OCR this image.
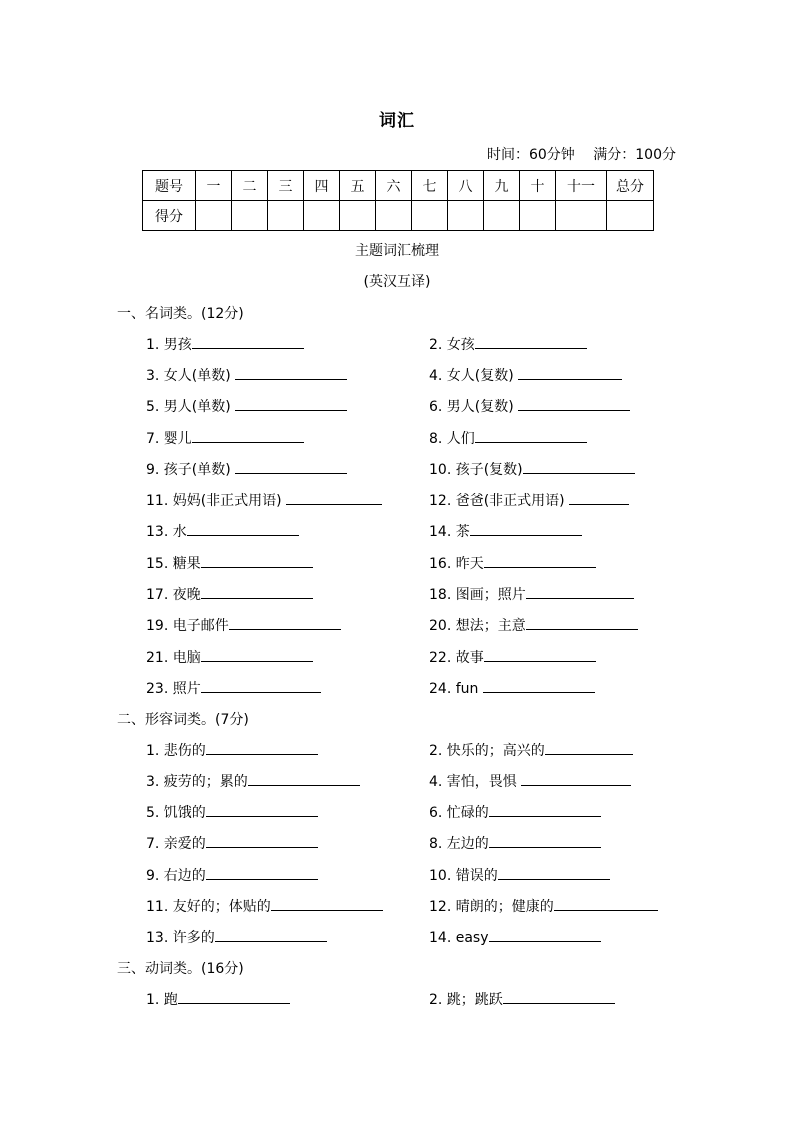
词汇
时间：60分钟 满分：100分
题号	一	二	三	四	五	六	七	八	九	十	十一	总分
得分												
主题词汇梳理
(英汉互译)
一、名词类。(12分)
1. 男孩	2. 女孩
3. 女人(单数)	4. 女人(复数)
5. 男人(单数)	6. 男人(复数)
7. 婴儿	8. 人们
9. 孩子(单数)	10. 孩子(复数)
11. 妈妈(非正式用语)	12. 爸爸(非正式用语)
13. 水	14. 茶
15. 糖果	16. 昨天
17. 夜晚	18. 图画；照片
19. 电子邮件	20. 想法；主意
21. 电脑	22. 故事
23. 照片	24. fun
二、形容词类。(7分)
1. 悲伤的	2. 快乐的；高兴的
3. 疲劳的；累的	4. 害怕，畏惧
5. 饥饿的	6. 忙碌的
7. 亲爱的	8. 左边的
9. 右边的	10. 错误的
11. 友好的；体贴的	12. 晴朗的；健康的
13. 许多的	14. easy
三、动词类。(16分)
1. 跑	2. 跳；跳跃
